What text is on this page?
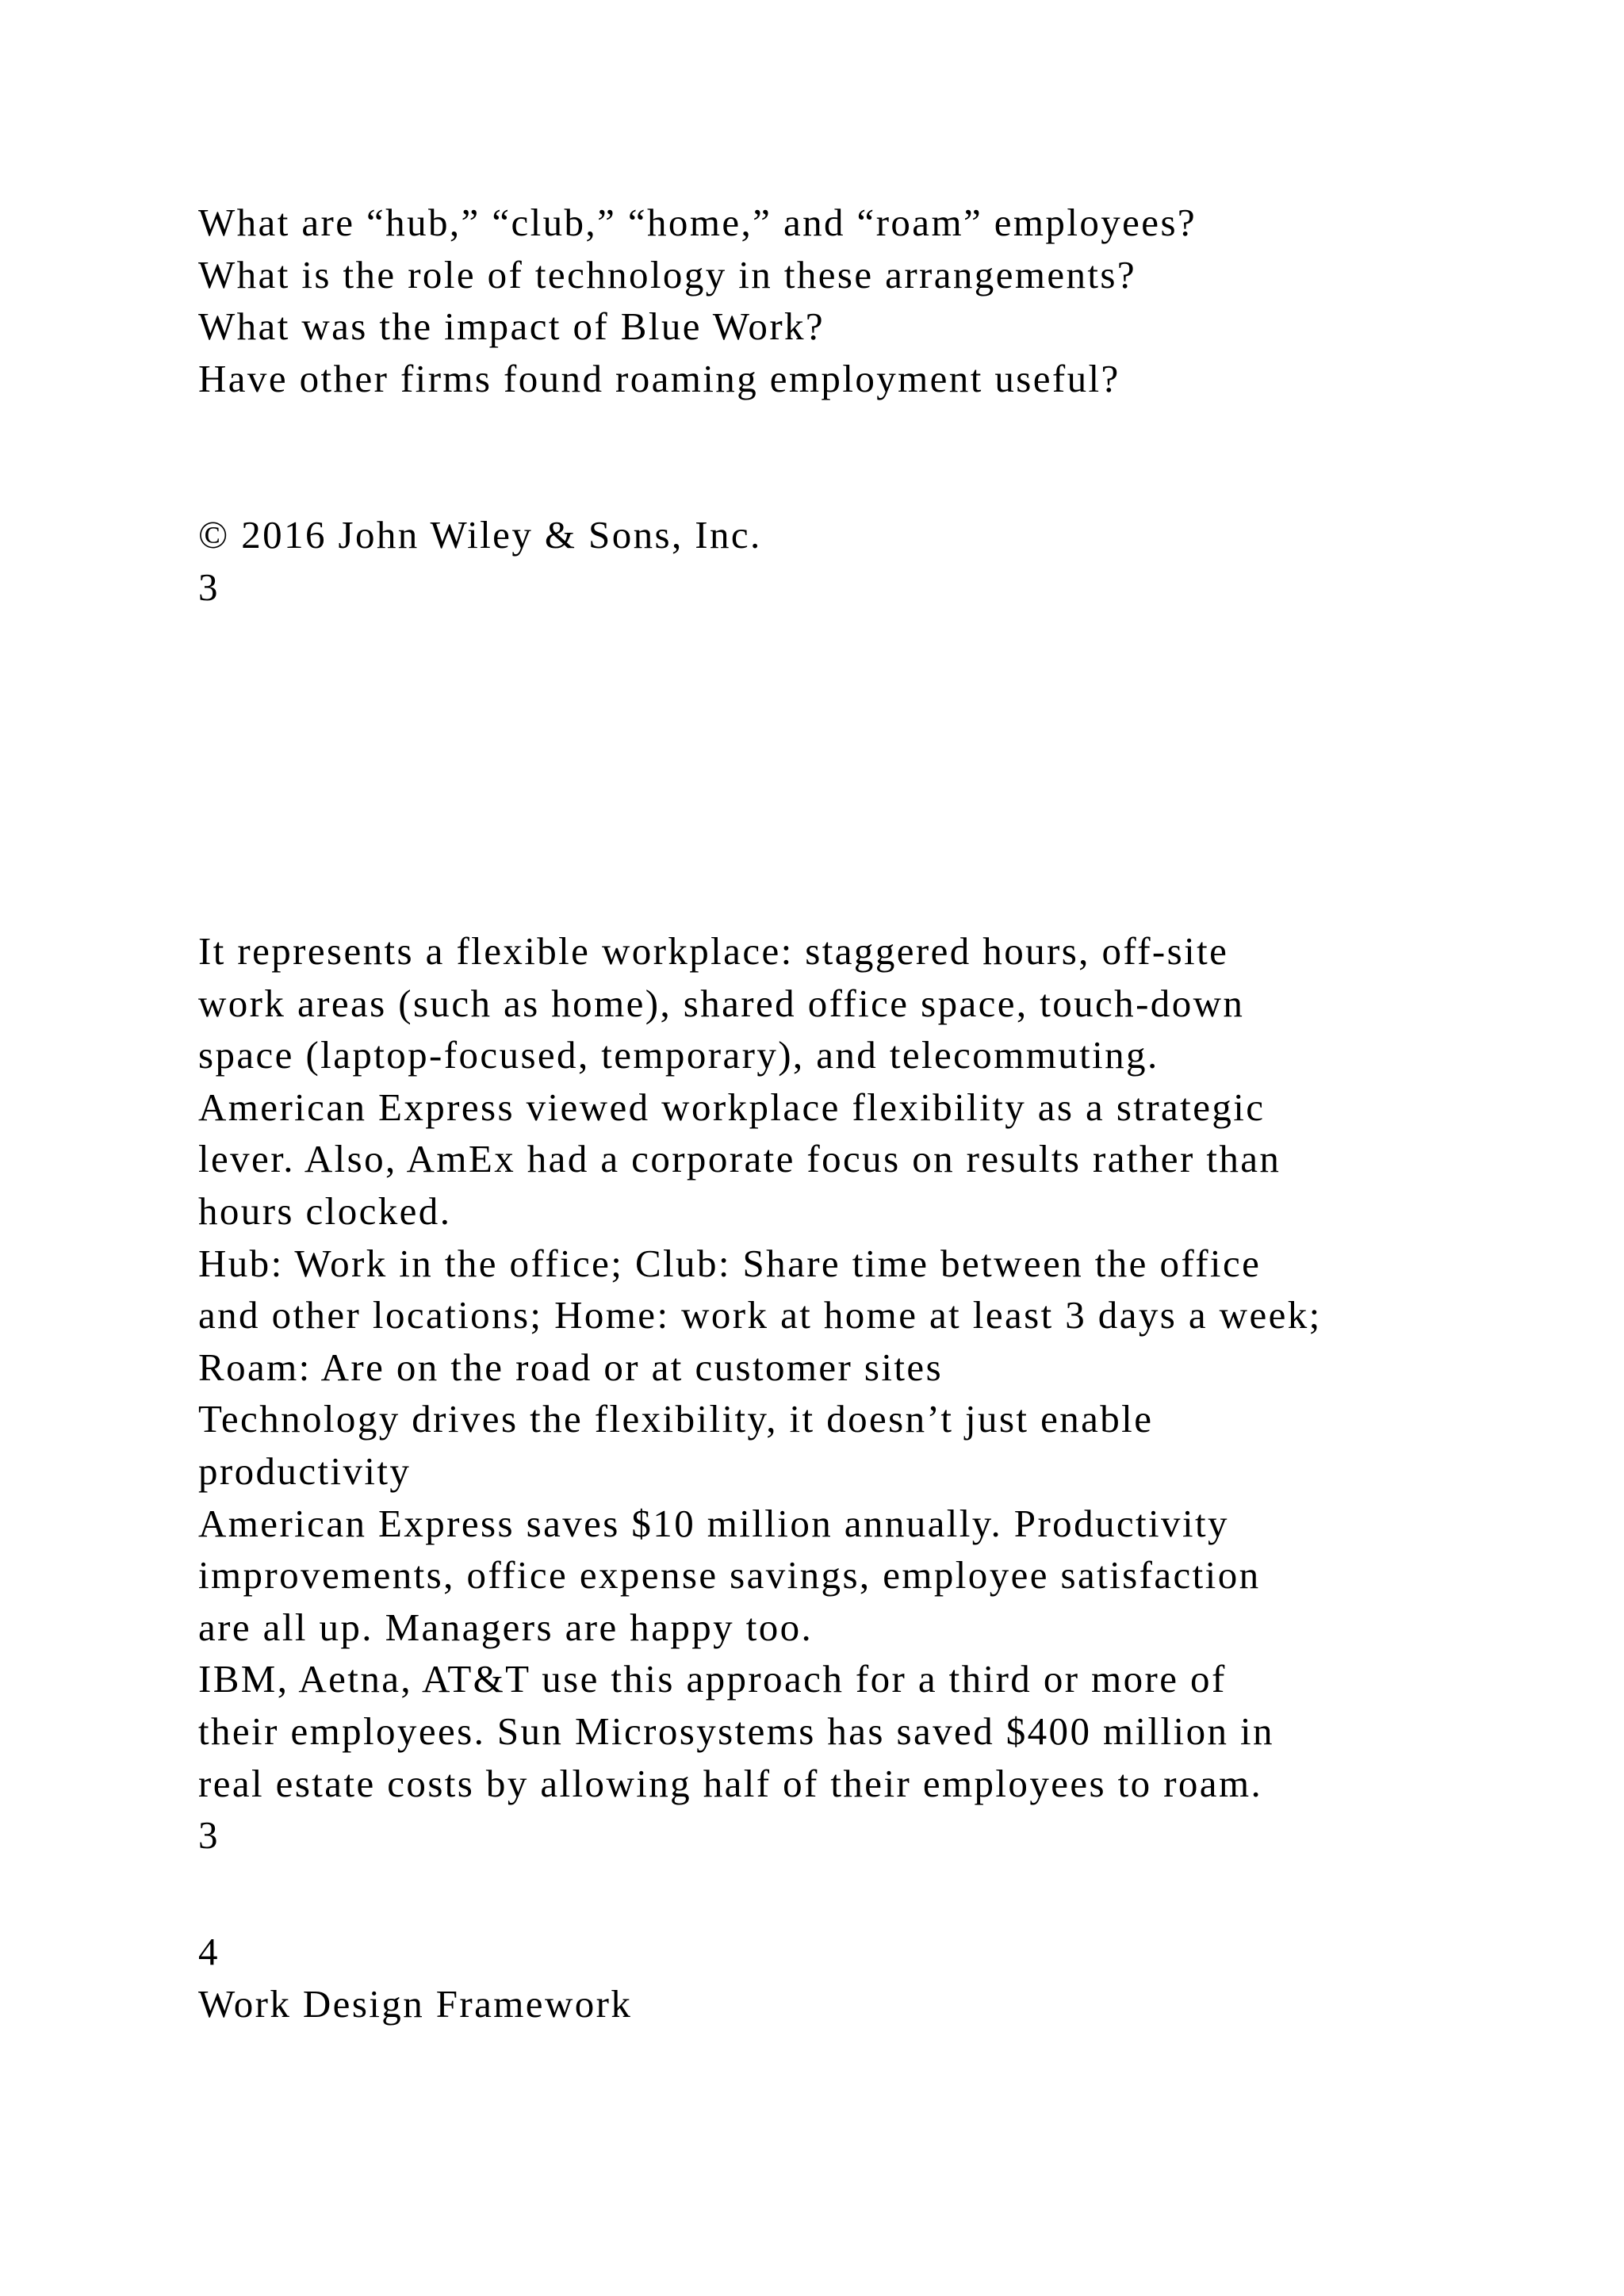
What are “hub,” “club,” “home,” and “roam” employees?
What is the role of technology in these arrangements?
What was the impact of Blue Work?
Have other firms found roaming employment useful?
© 2016 John Wiley & Sons, Inc.
3
It represents a flexible workplace: staggered hours, off-site
work areas (such as home), shared office space, touch-down
space (laptop-focused, temporary), and telecommuting.
American Express viewed workplace flexibility as a strategic
lever. Also, AmEx had a corporate focus on results rather than
hours clocked.
Hub: Work in the office; Club: Share time between the office
and other locations; Home: work at home at least 3 days a week;
Roam: Are on the road or at customer sites
Technology drives the flexibility, it doesn’t just enable
productivity
American Express saves $10 million annually. Productivity
improvements, office expense savings, employee satisfaction
are all up. Managers are happy too.
IBM, Aetna, AT&T use this approach for a third or more of
their employees. Sun Microsystems has saved $400 million in
real estate costs by allowing half of their employees to roam.
3
4
Work Design Framework
